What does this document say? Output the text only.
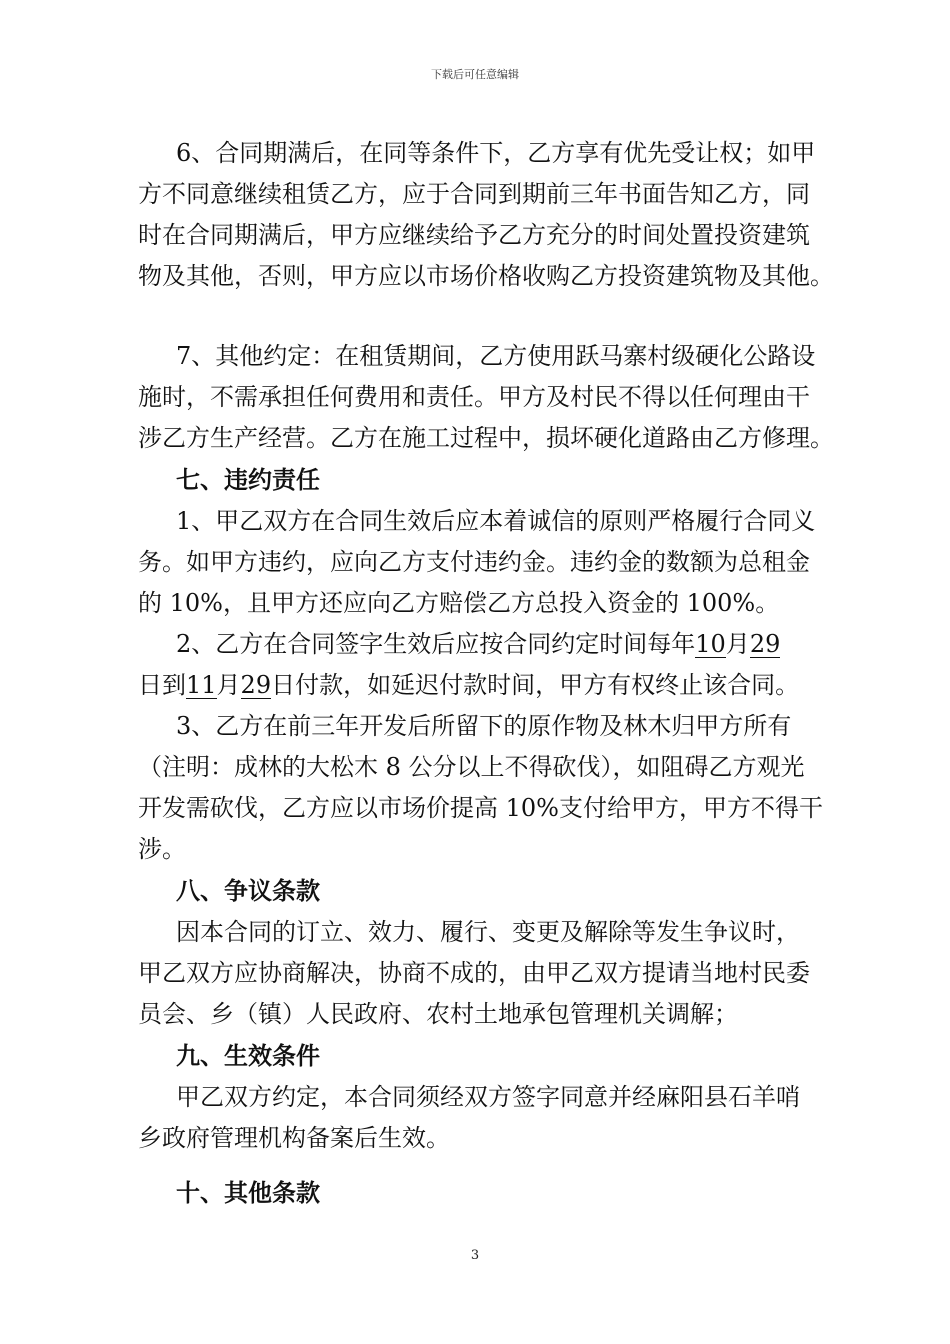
下载后可任意编辑
6、合同期满后，在同等条件下，乙方享有优先受让权；如甲
方不同意继续租赁乙方，应于合同到期前三年书面告知乙方，同
时在合同期满后，甲方应继续给予乙方充分的时间处置投资建筑
物及其他，否则，甲方应以市场价格收购乙方投资建筑物及其他。
7、其他约定：在租赁期间，乙方使用跃马寨村级硬化公路设
施时，不需承担任何费用和责任。甲方及村民不得以任何理由干
涉乙方生产经营。乙方在施工过程中，损坏硬化道路由乙方修理。
七、违约责任
1、甲乙双方在合同生效后应本着诚信的原则严格履行合同义
务。如甲方违约，应向乙方支付违约金。违约金的数额为总租金
的 10%，且甲方还应向乙方赔偿乙方总投入资金的 100%。
2、乙方在合同签字生效后应按合同约定时间每年10月29
日到11月29日付款，如延迟付款时间，甲方有权终止该合同。
3、乙方在前三年开发后所留下的原作物及林木归甲方所有
（注明：成林的大松木 8 公分以上不得砍伐），如阻碍乙方观光
开发需砍伐，乙方应以市场价提高 10%支付给甲方，甲方不得干
涉。
八、争议条款
因本合同的订立、效力、履行、变更及解除等发生争议时，
甲乙双方应协商解决，协商不成的，由甲乙双方提请当地村民委
员会、乡（镇）人民政府、农村土地承包管理机关调解；
九、生效条件
甲乙双方约定，本合同须经双方签字同意并经麻阳县石羊哨
乡政府管理机构备案后生效。
十、其他条款
3
